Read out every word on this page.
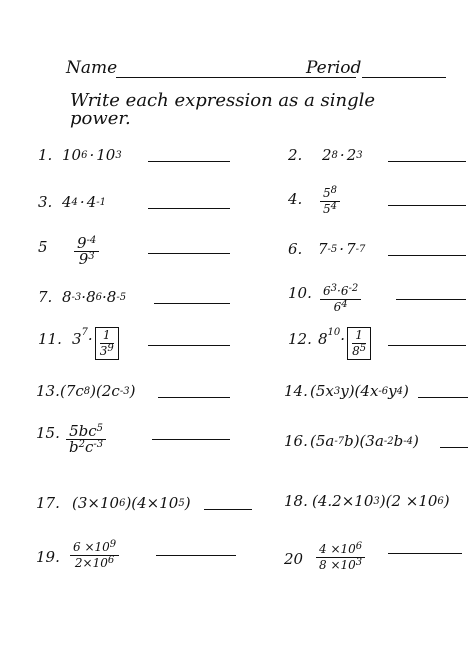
Name	Period
Write each expression as a single power.
1. $10^6 \cdot 10^3$	2. $2^8 \cdot 2^3$
3. $4^4 \cdot 4^{-1}$	4. $\frac{5^8}{5^4}$
$5 \frac{9^{-4}}{9^3}$	6. $7^{-5} \cdot 7^{-7}$
7. $8^{-3} \cdot 8^6 \cdot 8^{-5}$	10. $\frac{6^3\cdot 6^{-2}}{6^4}$
11. $3^7\cdot \frac{1}{3^9}$	12. $8^{10}\cdot \frac{1}{8^5}$
13. ($7c^8$ )($2c^{-3}$ )	14. ($5x^3$ $y)(4x^{-6}$ $y^4$ )
15. $\frac{5bc^5}{b^2c^{-3}}$	16. ($5a^{-7}$ $b)(3a^{-2}$ $b^{-4}$ )
17. ($3\times 10^6$ )($4\times 10^5$ )	18. ($4.2\times 10^3$ )($2 \times 10^6$ )
19. $\frac{6 \times 10^9}{2\times 10^6}$	$20 \frac{4 \times 10^6}{8 \times 10^3}$
